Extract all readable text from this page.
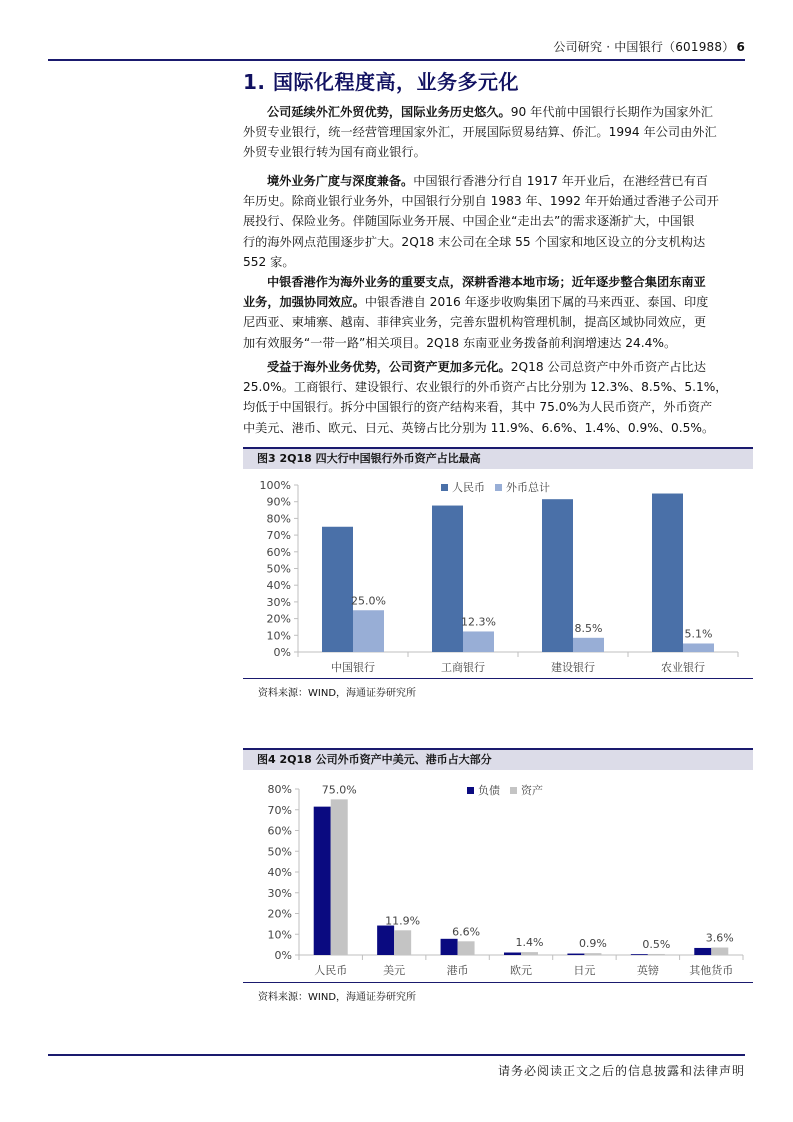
公司研究 · 中国银行（601988） 6
1. 国际化程度高，业务多元化
公司延续外汇外贸优势，国际业务历史悠久。90 年代前中国银行长期作为国家外汇
外贸专业银行，统一经营管理国家外汇，开展国际贸易结算、侨汇。1994 年公司由外汇
外贸专业银行转为国有商业银行。
境外业务广度与深度兼备。中国银行香港分行自 1917 年开业后，在港经营已有百
年历史。除商业银行业务外，中国银行分别自 1983 年、1992 年开始通过香港子公司开
展投行、保险业务。伴随国际业务开展、中国企业“走出去”的需求逐渐扩大，中国银
行的海外网点范围逐步扩大。2Q18 末公司在全球 55 个国家和地区设立的分支机构达
552 家。
中银香港作为海外业务的重要支点，深耕香港本地市场；近年逐步整合集团东南亚
业务，加强协同效应。中银香港自 2016 年逐步收购集团下属的马来西亚、泰国、印度
尼西亚、柬埔寨、越南、菲律宾业务，完善东盟机构管理机制，提高区域协同效应，更
加有效服务“一带一路”相关项目。2Q18 东南亚业务拨备前利润增速达 24.4%。
受益于海外业务优势，公司资产更加多元化。2Q18 公司总资产中外币资产占比达
25.0%。工商银行、建设银行、农业银行的外币资产占比分别为 12.3%、8.5%、5.1%，
均低于中国银行。拆分中国银行的资产结构来看，其中 75.0%为人民币资产，外币资产
中美元、港币、欧元、日元、英镑占比分别为 11.9%、6.6%、1.4%、0.9%、0.5%。
图3 2Q18 四大行中国银行外币资产占比最高
0%
10%
20%
30%
40%
50%
60%
70%
80%
90%
100%
中国银行
25.0%
工商银行
12.3%
建设银行
8.5%
农业银行
5.1%
人民币 外币总计
资料来源：WIND，海通证券研究所
图4 2Q18 公司外币资产中美元、港币占大部分
0%
10%
20%
30%
40%
50%
60%
70%
80%
人民币
75.0%
美元
11.9%
港币
6.6%
欧元
1.4%
日元
0.9%
英镑
0.5%
其他货币
3.6%
负债 资产
资料来源：WIND，海通证券研究所
请务必阅读正文之后的信息披露和法律声明
